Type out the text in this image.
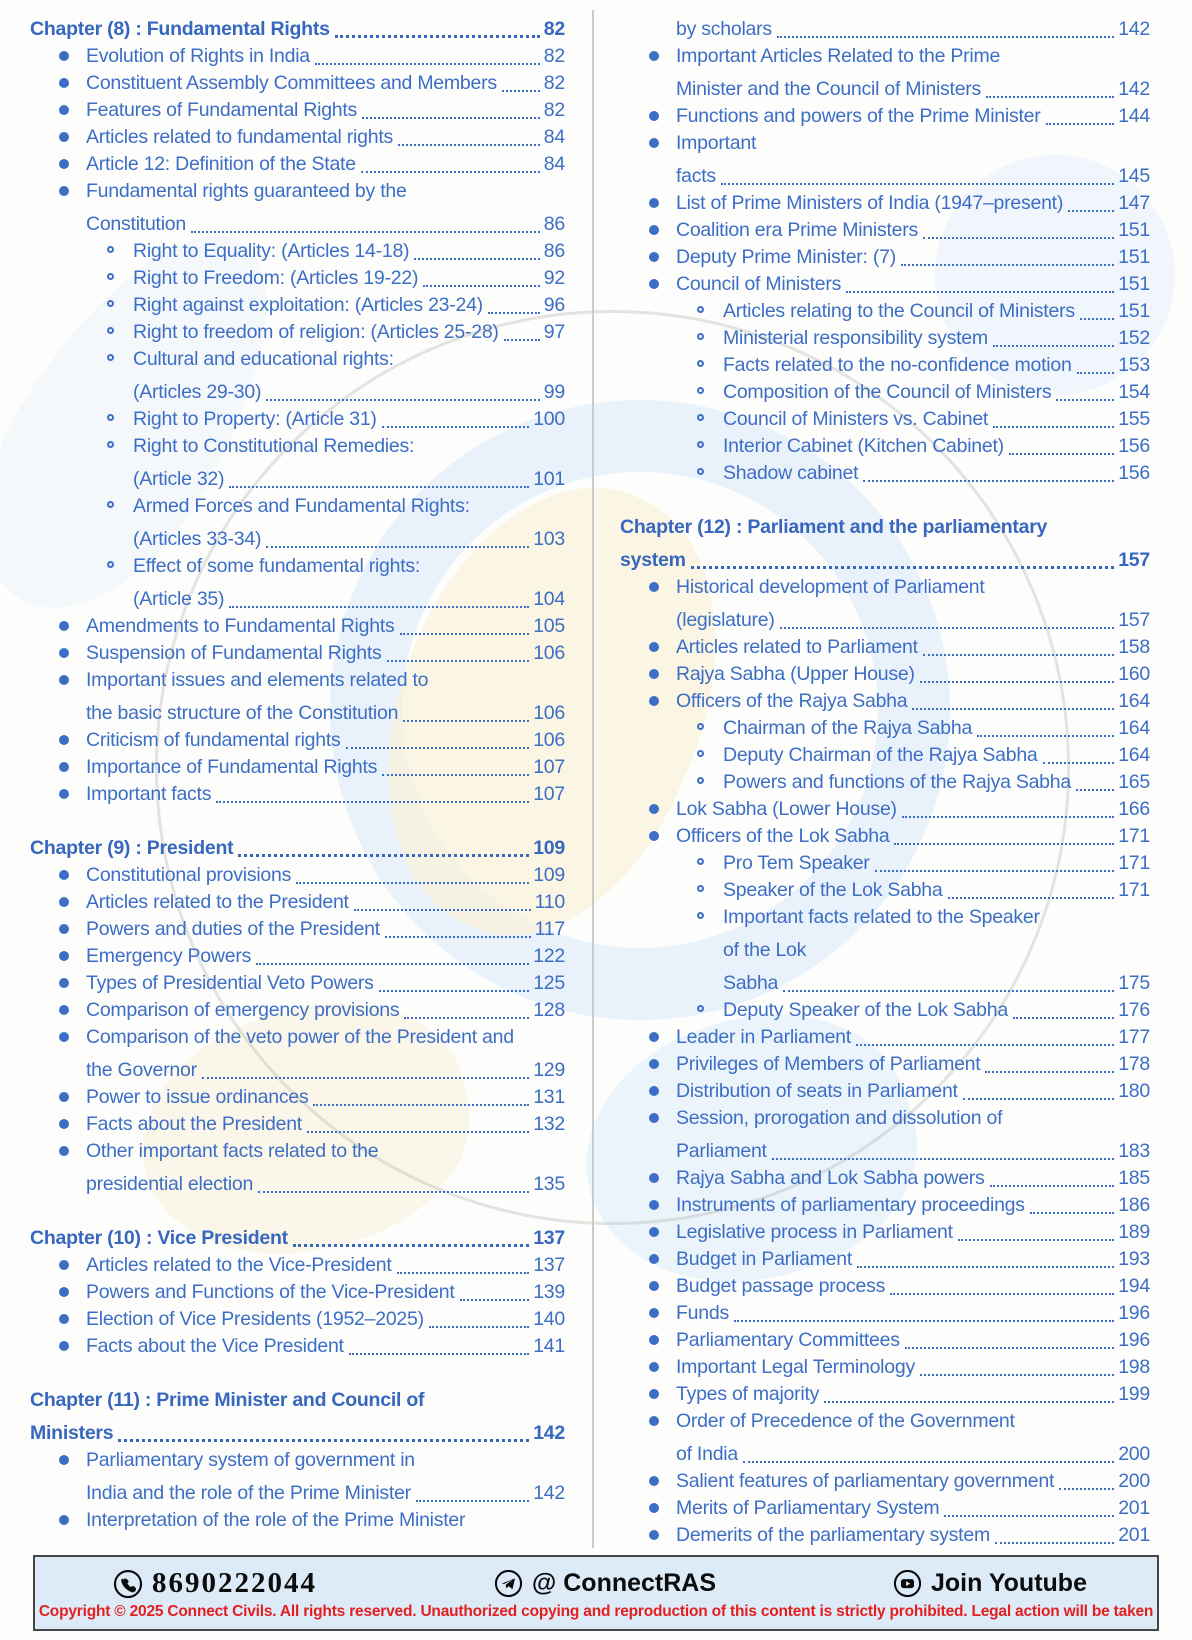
Chapter (8) : Fundamental Rights	82
Evolution of Rights in India	82
Constituent Assembly Committees and Members 82
Features of Fundamental Rights	82
Articles related to fundamental rights	84
Article 12: Definition of the State	84
Fundamental rights guaranteed by the
Constitution	86
Right to Equality: (Articles 14-18)	86
Right to Freedom: (Articles 19-22)	92
Right against exploitation: (Articles 23-24)	96
Right to freedom of religion: (Articles 25-28) 97
Cultural and educational rights:
(Articles 29-30)	99
Right to Property: (Article 31)	100
Right to Constitutional Remedies:
(Article 32)	101
Armed Forces and Fundamental Rights:
(Articles 33-34)	103
Effect of some fundamental rights:
(Article 35)	104
Amendments to Fundamental Rights	105
Suspension of Fundamental Rights	106
Important issues and elements related to
the basic structure of the Constitution	106
Criticism of fundamental rights	106
Importance of Fundamental Rights	107
Important facts	107
Chapter (9) : President	109
Constitutional provisions	109
Articles related to the President	110
Powers and duties of the President	117
Emergency Powers	122
Types of Presidential Veto Powers	125
Comparison of emergency provisions	128
Comparison of the veto power of the President and
the Governor	129
Power to issue ordinances	131
Facts about the President	132
Other important facts related to the
presidential election	135
Chapter (10) : Vice President	137
Articles related to the Vice-President	137
Powers and Functions of the Vice-President	139
Election of Vice Presidents (1952–2025)	140
Facts about the Vice President	141
Chapter (11) : Prime Minister and Council of
Ministers	142
Parliamentary system of government in
India and the role of the Prime Minister	142
Interpretation of the role of the Prime Minister
by scholars	142
Important Articles Related to the Prime
Minister and the Council of Ministers	142
Functions and powers of the Prime Minister	144
Important
facts	145
List of Prime Ministers of India (1947–present)	147
Coalition era Prime Ministers	151
Deputy Prime Minister: (7)	151
Council of Ministers	151
Articles relating to the Council of Ministers 151
Ministerial responsibility system	152
Facts related to the no-confidence motion 153
Composition of the Council of Ministers	154
Council of Ministers vs. Cabinet	155
Interior Cabinet (Kitchen Cabinet)	156
Shadow cabinet	156
Chapter (12) : Parliament and the parliamentary
system	157
Historical development of Parliament
(legislature)	157
Articles related to Parliament	158
Rajya Sabha (Upper House)	160
Officers of the Rajya Sabha	164
Chairman of the Rajya Sabha	164
Deputy Chairman of the Rajya Sabha	164
Powers and functions of the Rajya Sabha 165
Lok Sabha (Lower House)	166
Officers of the Lok Sabha	171
Pro Tem Speaker	171
Speaker of the Lok Sabha	171
Important facts related to the Speaker
of the Lok
Sabha	175
Deputy Speaker of the Lok Sabha	176
Leader in Parliament	177
Privileges of Members of Parliament	178
Distribution of seats in Parliament	180
Session, prorogation and dissolution of
Parliament	183
Rajya Sabha and Lok Sabha powers	185
Instruments of parliamentary proceedings	186
Legislative process in Parliament	189
Budget in Parliament	193
Budget passage process	194
Funds	196
Parliamentary Committees	196
Important Legal Terminology	198
Types of majority	199
Order of Precedence of the Government
of India	200
Salient features of parliamentary government	200
Merits of Parliamentary System	201
Demerits of the parliamentary system	201
8690222044	@ ConnectRAS	Join Youtube
Copyright © 2025 Connect Civils. All rights reserved. Unauthorized copying and reproduction of this content is strictly prohibited. Legal action will be taken
